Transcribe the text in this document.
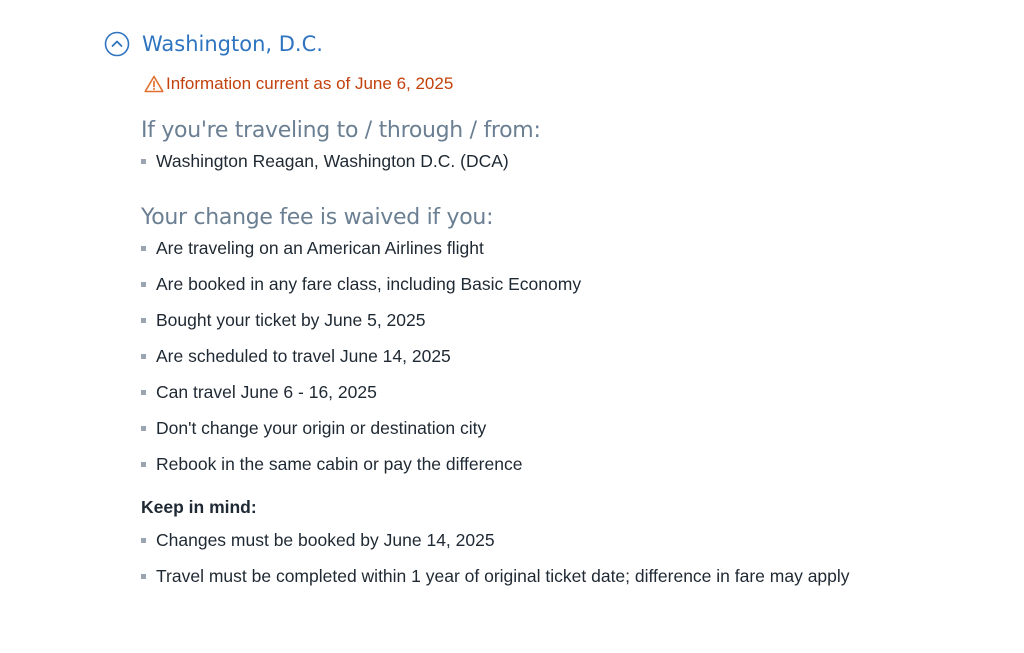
Washington, D.C.
Information current as of June 6, 2025
If you're traveling to / through / from:
Washington Reagan, Washington D.C. (DCA)
Your change fee is waived if you:
Are traveling on an American Airlines flight
Are booked in any fare class, including Basic Economy
Bought your ticket by June 5, 2025
Are scheduled to travel June 14, 2025
Can travel June 6 - 16, 2025
Don't change your origin or destination city
Rebook in the same cabin or pay the difference
Keep in mind:
Changes must be booked by June 14, 2025
Travel must be completed within 1 year of original ticket date; difference in fare may apply
